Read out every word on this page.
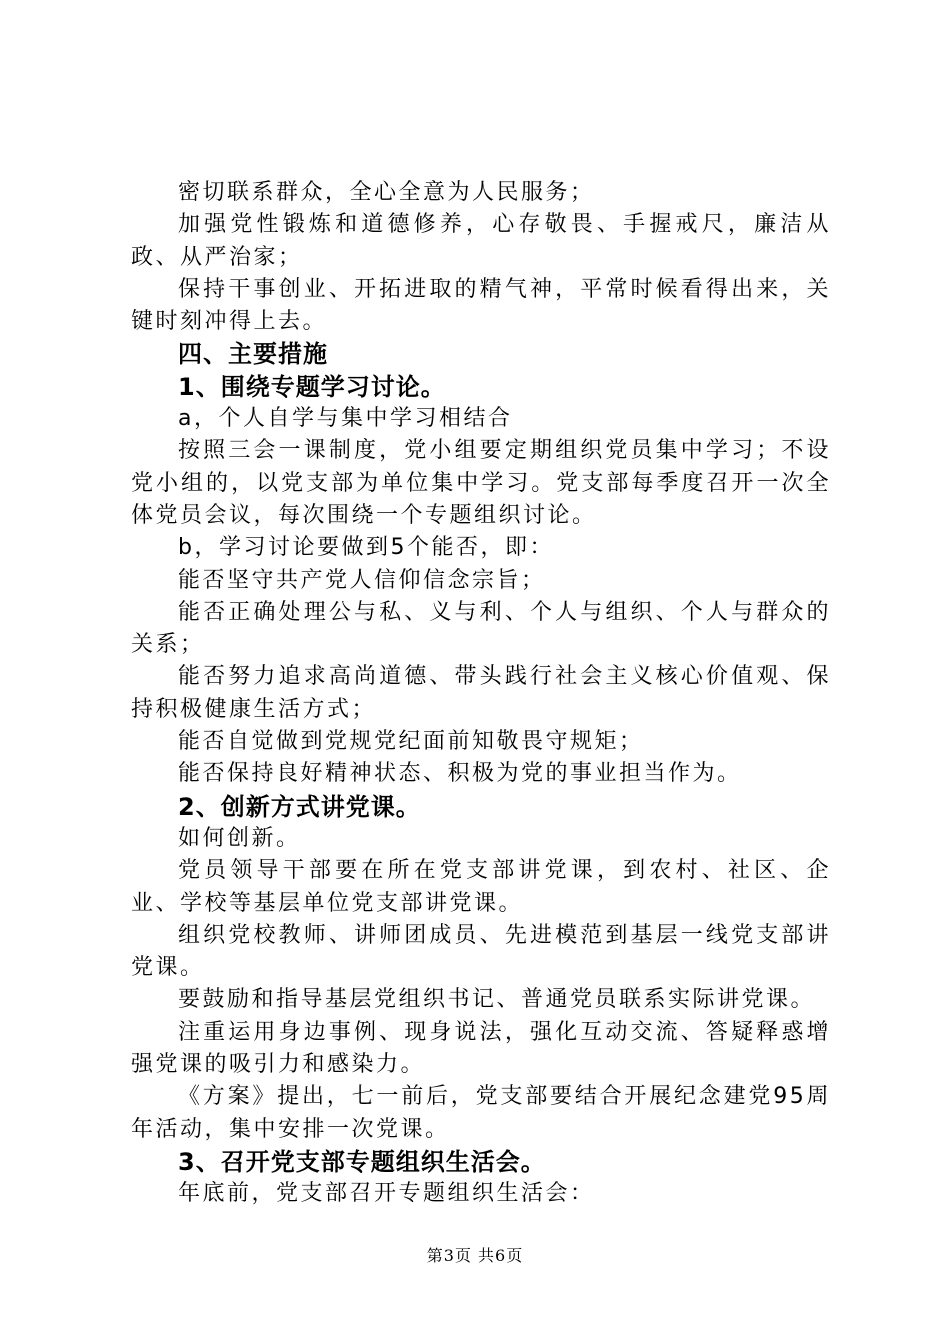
密切联系群众，全心全意为人民服务；

加强党性锻炼和道德修养，心存敬畏、手握戒尺，廉洁从政、从严治家；

保持干事创业、开拓进取的精气神，平常时候看得出来，关键时刻冲得上去。

四、主要措施

1、围绕专题学习讨论。

a，个人自学与集中学习相结合

按照三会一课制度，党小组要定期组织党员集中学习；不设党小组的，以党支部为单位集中学习。党支部每季度召开一次全体党员会议，每次围绕一个专题组织讨论。

b，学习讨论要做到5个能否，即：

能否坚守共产党人信仰信念宗旨；

能否正确处理公与私、义与利、个人与组织、个人与群众的关系；

能否努力追求高尚道德、带头践行社会主义核心价值观、保持积极健康生活方式；

能否自觉做到党规党纪面前知敬畏守规矩；

能否保持良好精神状态、积极为党的事业担当作为。

2、创新方式讲党课。

如何创新。

党员领导干部要在所在党支部讲党课，到农村、社区、企业、学校等基层单位党支部讲党课。

组织党校教师、讲师团成员、先进模范到基层一线党支部讲党课。

要鼓励和指导基层党组织书记、普通党员联系实际讲党课。

注重运用身边事例、现身说法，强化互动交流、答疑释惑增强党课的吸引力和感染力。

《方案》提出，七一前后，党支部要结合开展纪念建党95周年活动，集中安排一次党课。

3、召开党支部专题组织生活会。

年底前，党支部召开专题组织生活会：

第3页 共6页
